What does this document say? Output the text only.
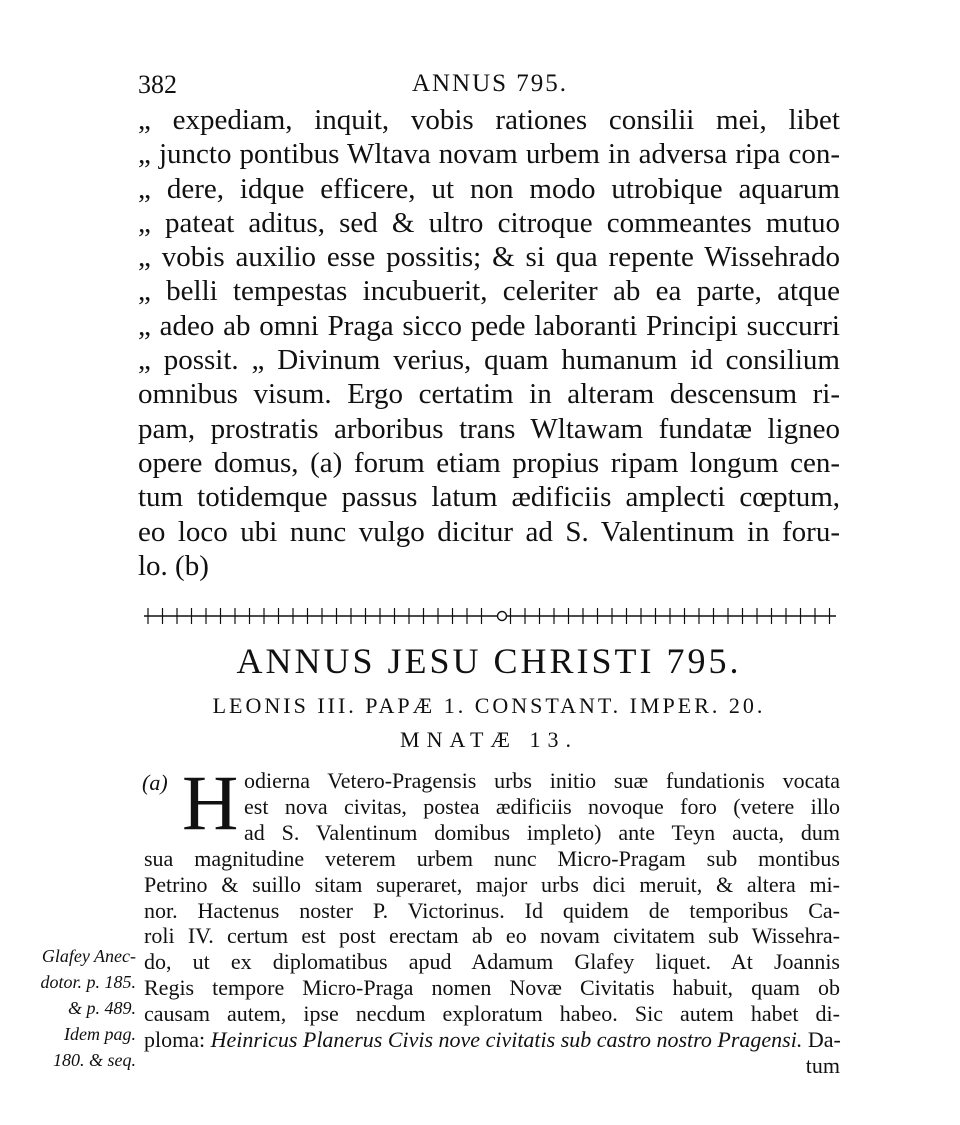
382	ANNUS 795.
„ expediam, inquit, vobis rationes consilii mei, libet
„ juncto pontibus Wltava novam urbem in adversa ripa con-
„ dere, idque efficere, ut non modo utrobique aquarum
„ pateat aditus, sed & ultro citroque commeantes mutuo
„ vobis auxilio esse possitis; & si qua repente Wissehrado
„ belli tempestas incubuerit, celeriter ab ea parte, atque
„ adeo ab omni Praga sicco pede laboranti Principi succurri
„ possit. „ Divinum verius, quam humanum id consilium
omnibus visum. Ergo certatim in alteram descensum ri-
pam, prostratis arboribus trans Wltawam fundatæ ligneo
opere domus, (a) forum etiam propius ripam longum cen-
tum totidemque passus latum ædificiis amplecti cœptum,
eo loco ubi nunc vulgo dicitur ad S. Valentinum in foru-
lo. (b)
ANNUS JESU CHRISTI 795.
LEONIS III. PAPÆ 1. CONSTANT. IMPER. 20.
MNATÆ 13.
(a) H odierna Vetero-Pragensis urbs initio suæ fundationis vocata
est nova civitas, postea ædificiis novoque foro (vetere illo
ad S. Valentinum domibus impleto) ante Teyn aucta, dum
sua magnitudine veterem urbem nunc Micro-Pragam sub montibus
Petrino & suillo sitam superaret, major urbs dici meruit, & altera mi-
nor. Hactenus noster P. Victorinus. Id quidem de temporibus Ca-
roli IV. certum est post erectam ab eo novam civitatem sub Wissehra-
do, ut ex diplomatibus apud Adamum Glafey liquet. At Joannis
Regis tempore Micro-Praga nomen Novæ Civitatis habuit, quam ob
causam autem, ipse necdum exploratum habeo. Sic autem habet di-
ploma: Heinricus Planerus Civis nove civitatis sub castro nostro Pragensi. Da-
tum
Glafey Anec-
dotor. p. 185.
& p. 489.
Idem pag.
180. & seq.
